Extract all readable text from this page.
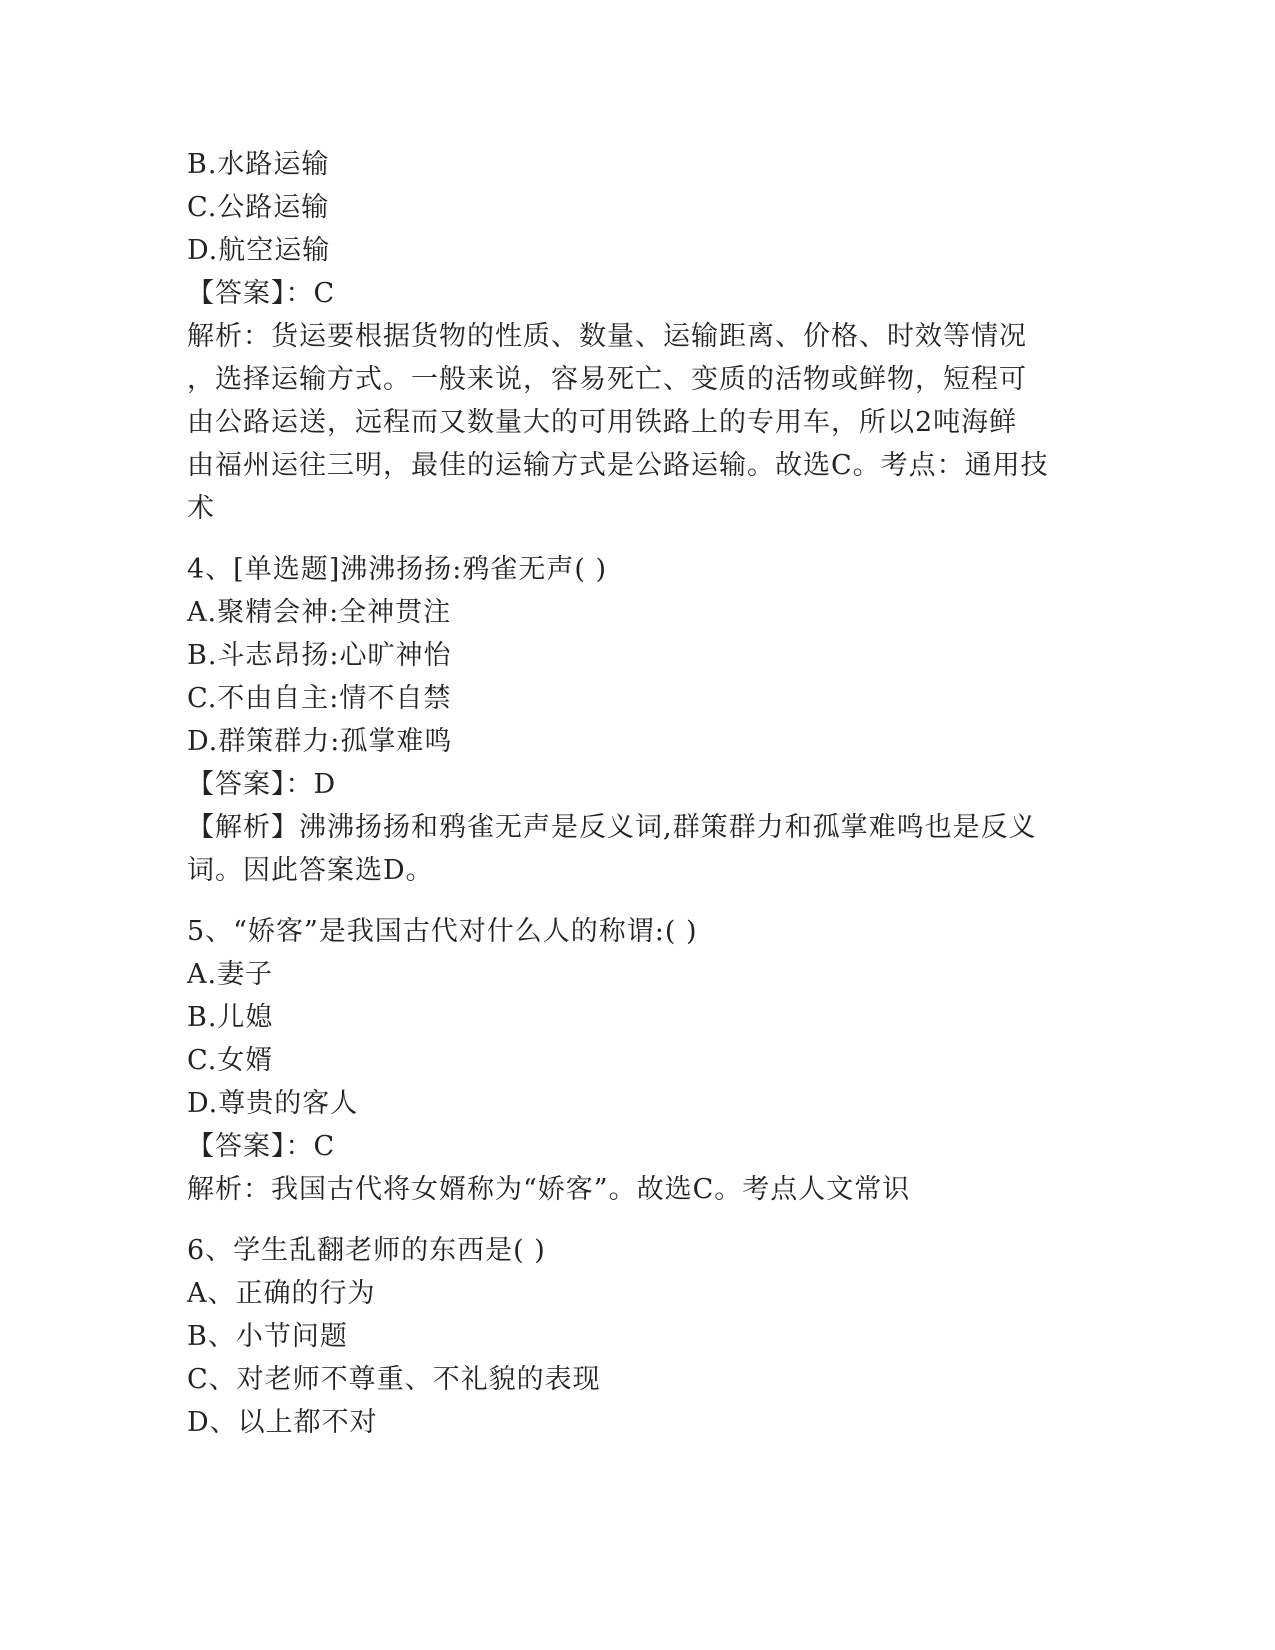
B.水路运输
C.公路运输
D.航空运输
【答案】：C
解析：货运要根据货物的性质、数量、运输距离、价格、时效等情况
，选择运输方式。一般来说，容易死亡、变质的活物或鲜物，短程可
由公路运送，远程而又数量大的可用铁路上的专用车，所以2吨海鲜
由福州运往三明，最佳的运输方式是公路运输。故选C。考点：通用技
术
4、[单选题]沸沸扬扬:鸦雀无声( )
A.聚精会神:全神贯注
B.斗志昂扬:心旷神怡
C.不由自主:情不自禁
D.群策群力:孤掌难鸣
【答案】：D
【解析】沸沸扬扬和鸦雀无声是反义词,群策群力和孤掌难鸣也是反义
词。因此答案选D。
5、“娇客”是我国古代对什么人的称谓:( )
A.妻子
B.儿媳
C.女婿
D.尊贵的客人
【答案】：C
解析：我国古代将女婿称为“娇客”。故选C。考点人文常识
6、学生乱翻老师的东西是( )
A、正确的行为
B、小节问题
C、对老师不尊重、不礼貌的表现
D、以上都不对
